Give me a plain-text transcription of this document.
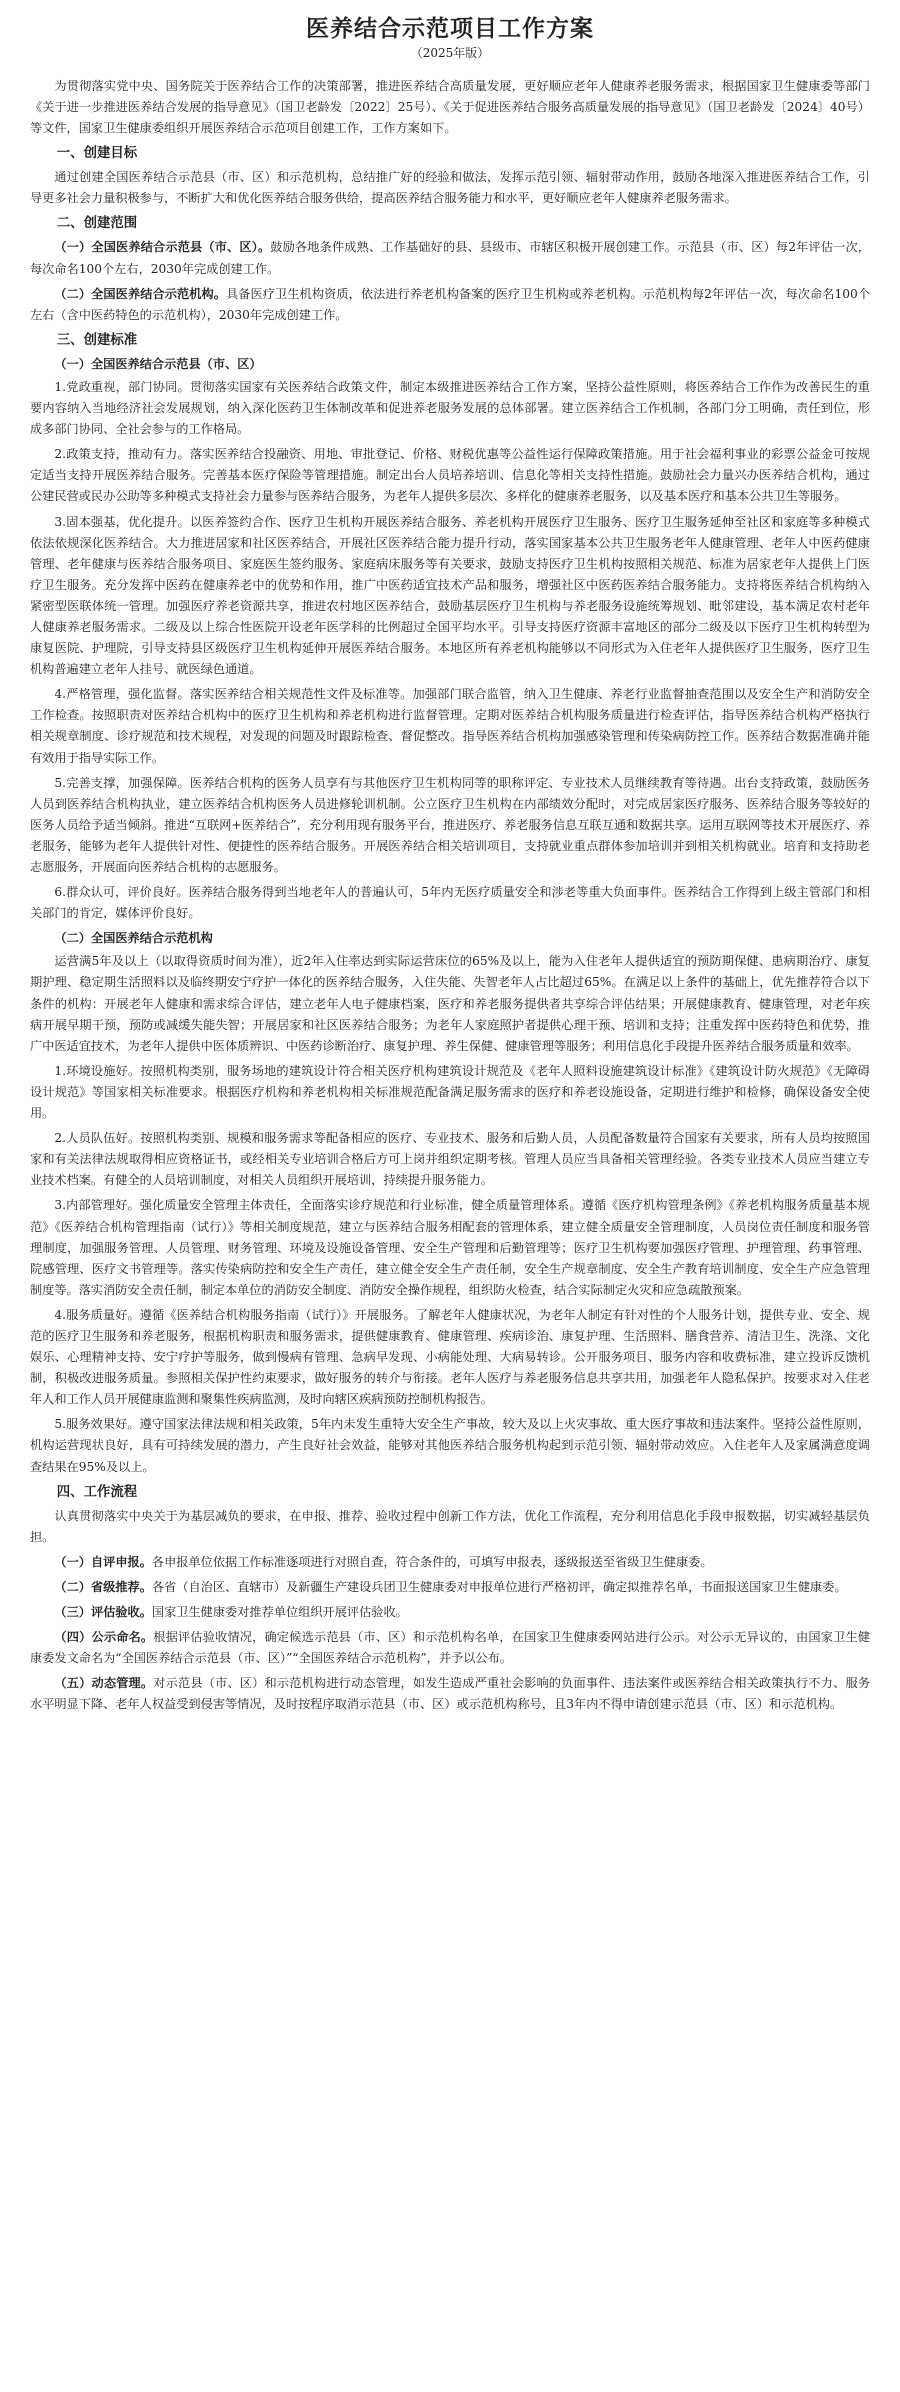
医养结合示范项目工作方案
（2025年版）

为贯彻落实党中央、国务院关于医养结合工作的决策部署，推进医养结合高质量发展，更好顺应老年人健康养老服务需求，根据国家卫生健康委等部门《关于进一步推进医养结合发展的指导意见》（国卫老龄发〔2022〕25号）、《关于促进医养结合服务高质量发展的指导意见》（国卫老龄发〔2024〕40号）等文件，国家卫生健康委组织开展医养结合示范项目创建工作，工作方案如下。

一、创建目标

通过创建全国医养结合示范县（市、区）和示范机构，总结推广好的经验和做法，发挥示范引领、辐射带动作用，鼓励各地深入推进医养结合工作，引导更多社会力量积极参与，不断扩大和优化医养结合服务供给，提高医养结合服务能力和水平，更好顺应老年人健康养老服务需求。

二、创建范围

（一）全国医养结合示范县（市、区）。鼓励各地条件成熟、工作基础好的县、县级市、市辖区积极开展创建工作。示范县（市、区）每2年评估一次，每次命名100个左右，2030年完成创建工作。

（二）全国医养结合示范机构。具备医疗卫生机构资质，依法进行养老机构备案的医疗卫生机构或养老机构。示范机构每2年评估一次，每次命名100个左右（含中医药特色的示范机构），2030年完成创建工作。

三、创建标准
（一）全国医养结合示范县（市、区）

1.党政重视，部门协同。贯彻落实国家有关医养结合政策文件，制定本级推进医养结合工作方案，坚持公益性原则，将医养结合工作作为改善民生的重要内容纳入当地经济社会发展规划，纳入深化医药卫生体制改革和促进养老服务发展的总体部署。建立医养结合工作机制，各部门分工明确，责任到位，形成多部门协同、全社会参与的工作格局。

2.政策支持，推动有力。落实医养结合投融资、用地、审批登记、价格、财税优惠等公益性运行保障政策措施。用于社会福利事业的彩票公益金可按规定适当支持开展医养结合服务。完善基本医疗保险等管理措施。制定出台人员培养培训、信息化等相关支持性措施。鼓励社会力量兴办医养结合机构，通过公建民营或民办公助等多种模式支持社会力量参与医养结合服务，为老年人提供多层次、多样化的健康养老服务，以及基本医疗和基本公共卫生等服务。

3.固本强基，优化提升。以医养签约合作、医疗卫生机构开展医养结合服务、养老机构开展医疗卫生服务、医疗卫生服务延伸至社区和家庭等多种模式依法依规深化医养结合。大力推进居家和社区医养结合，开展社区医养结合能力提升行动，落实国家基本公共卫生服务老年人健康管理、老年人中医药健康管理、老年健康与医养结合服务项目、家庭医生签约服务、家庭病床服务等有关要求，鼓励支持医疗卫生机构按照相关规范、标准为居家老年人提供上门医疗卫生服务。充分发挥中医药在健康养老中的优势和作用，推广中医药适宜技术产品和服务，增强社区中医药医养结合服务能力。支持将医养结合机构纳入紧密型医联体统一管理。加强医疗养老资源共享，推进农村地区医养结合，鼓励基层医疗卫生机构与养老服务设施统筹规划、毗邻建设，基本满足农村老年人健康养老服务需求。二级及以上综合性医院开设老年医学科的比例超过全国平均水平。引导支持医疗资源丰富地区的部分二级及以下医疗卫生机构转型为康复医院、护理院，引导支持县区级医疗卫生机构延伸开展医养结合服务。本地区所有养老机构能够以不同形式为入住老年人提供医疗卫生服务，医疗卫生机构普遍建立老年人挂号、就医绿色通道。

4.严格管理，强化监督。落实医养结合相关规范性文件及标准等。加强部门联合监管，纳入卫生健康、养老行业监督抽查范围以及安全生产和消防安全工作检查。按照职责对医养结合机构中的医疗卫生机构和养老机构进行监督管理。定期对医养结合机构服务质量进行检查评估，指导医养结合机构严格执行相关规章制度、诊疗规范和技术规程，对发现的问题及时跟踪检查、督促整改。指导医养结合机构加强感染管理和传染病防控工作。医养结合数据准确并能有效用于指导实际工作。

5.完善支撑，加强保障。医养结合机构的医务人员享有与其他医疗卫生机构同等的职称评定、专业技术人员继续教育等待遇。出台支持政策，鼓励医务人员到医养结合机构执业，建立医养结合机构医务人员进修轮训机制。公立医疗卫生机构在内部绩效分配时，对完成居家医疗服务、医养结合服务等较好的医务人员给予适当倾斜。推进“互联网+医养结合”，充分利用现有服务平台，推进医疗、养老服务信息互联互通和数据共享。运用互联网等技术开展医疗、养老服务，能够为老年人提供针对性、便捷性的医养结合服务。开展医养结合相关培训项目，支持就业重点群体参加培训并到相关机构就业。培育和支持助老志愿服务，开展面向医养结合机构的志愿服务。

6.群众认可，评价良好。医养结合服务得到当地老年人的普遍认可，5年内无医疗质量安全和涉老等重大负面事件。医养结合工作得到上级主管部门和相关部门的肯定，媒体评价良好。

（二）全国医养结合示范机构

运营满5年及以上（以取得资质时间为准），近2年入住率达到实际运营床位的65%及以上，能为入住老年人提供适宜的预防期保健、患病期治疗、康复期护理、稳定期生活照料以及临终期安宁疗护一体化的医养结合服务，入住失能、失智老年人占比超过65%。在满足以上条件的基础上，优先推荐符合以下条件的机构：开展老年人健康和需求综合评估，建立老年人电子健康档案，医疗和养老服务提供者共享综合评估结果；开展健康教育、健康管理，对老年疾病开展早期干预，预防或减缓失能失智；开展居家和社区医养结合服务；为老年人家庭照护者提供心理干预、培训和支持；注重发挥中医药特色和优势，推广中医适宜技术，为老年人提供中医体质辨识、中医药诊断治疗、康复护理、养生保健、健康管理等服务；利用信息化手段提升医养结合服务质量和效率。

1.环境设施好。按照机构类别，服务场地的建筑设计符合相关医疗机构建筑设计规范及《老年人照料设施建筑设计标准》《建筑设计防火规范》《无障碍设计规范》等国家相关标准要求。根据医疗机构和养老机构相关标准规范配备满足服务需求的医疗和养老设施设备，定期进行维护和检修，确保设备安全使用。

2.人员队伍好。按照机构类别、规模和服务需求等配备相应的医疗、专业技术、服务和后勤人员，人员配备数量符合国家有关要求，所有人员均按照国家和有关法律法规取得相应资格证书，或经相关专业培训合格后方可上岗并组织定期考核。管理人员应当具备相关管理经验。各类专业技术人员应当建立专业技术档案。有健全的人员培训制度，对相关人员组织开展培训，持续提升服务能力。

3.内部管理好。强化质量安全管理主体责任，全面落实诊疗规范和行业标准，健全质量管理体系。遵循《医疗机构管理条例》《养老机构服务质量基本规范》《医养结合机构管理指南（试行）》等相关制度规范，建立与医养结合服务相配套的管理体系，建立健全质量安全管理制度，人员岗位责任制度和服务管理制度，加强服务管理、人员管理、财务管理、环境及设施设备管理、安全生产管理和后勤管理等；医疗卫生机构要加强医疗管理、护理管理、药事管理、院感管理、医疗文书管理等。落实传染病防控和安全生产责任，建立健全安全生产责任制，安全生产规章制度、安全生产教育培训制度、安全生产应急管理制度等。落实消防安全责任制，制定本单位的消防安全制度、消防安全操作规程，组织防火检查，结合实际制定火灾和应急疏散预案。

4.服务质量好。遵循《医养结合机构服务指南（试行）》开展服务。了解老年人健康状况，为老年人制定有针对性的个人服务计划，提供专业、安全、规范的医疗卫生服务和养老服务，根据机构职责和服务需求，提供健康教育、健康管理、疾病诊治、康复护理、生活照料、膳食营养、清洁卫生、洗涤、文化娱乐、心理精神支持、安宁疗护等服务，做到慢病有管理、急病早发现、小病能处理、大病易转诊。公开服务项目、服务内容和收费标准，建立投诉反馈机制，积极改进服务质量。参照相关保护性约束要求，做好服务的转介与衔接。老年人医疗与养老服务信息共享共用，加强老年人隐私保护。按要求对入住老年人和工作人员开展健康监测和聚集性疾病监测，及时向辖区疾病预防控制机构报告。

5.服务效果好。遵守国家法律法规和相关政策，5年内未发生重特大安全生产事故，较大及以上火灾事故、重大医疗事故和违法案件。坚持公益性原则，机构运营现状良好，具有可持续发展的潜力，产生良好社会效益，能够对其他医养结合服务机构起到示范引领、辐射带动效应。入住老年人及家属满意度调查结果在95%及以上。

四、工作流程

认真贯彻落实中央关于为基层减负的要求，在申报、推荐、验收过程中创新工作方法，优化工作流程，充分利用信息化手段申报数据，切实减轻基层负担。

（一）自评申报。各申报单位依据工作标准逐项进行对照自查，符合条件的，可填写申报表，逐级报送至省级卫生健康委。

（二）省级推荐。各省（自治区、直辖市）及新疆生产建设兵团卫生健康委对申报单位进行严格初评，确定拟推荐名单，书面报送国家卫生健康委。

（三）评估验收。国家卫生健康委对推荐单位组织开展评估验收。

（四）公示命名。根据评估验收情况，确定候选示范县（市、区）和示范机构名单，在国家卫生健康委网站进行公示。对公示无异议的，由国家卫生健康委发文命名为“全国医养结合示范县（市、区）”“全国医养结合示范机构”，并予以公布。

（五）动态管理。对示范县（市、区）和示范机构进行动态管理，如发生造成严重社会影响的负面事件、违法案件或医养结合相关政策执行不力、服务水平明显下降、老年人权益受到侵害等情况，及时按程序取消示范县（市、区）或示范机构称号，且3年内不得申请创建示范县（市、区）和示范机构。
